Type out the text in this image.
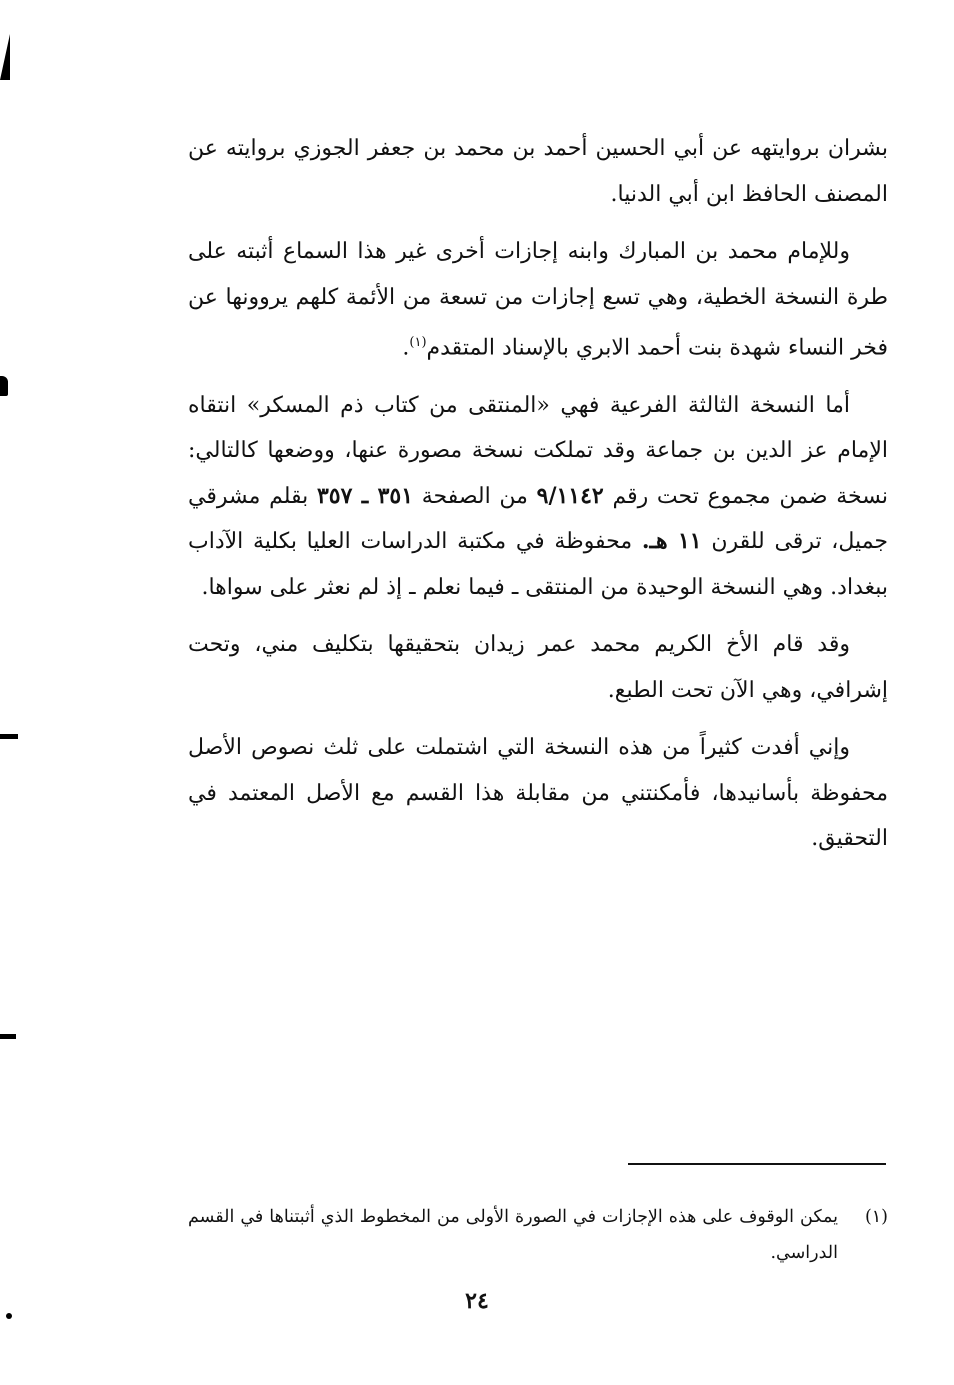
بشران بروايتهه عن أبي الحسين أحمد بن محمد بن جعفر الجوزي بروايته عن المصنف الحافظ ابن أبي الدنيا.

وللإمام محمد بن المبارك وابنه إجازات أخرى غير هذا السماع أثبته على طرة النسخة الخطية، وهي تسع إجازات من تسعة من الأئمة كلهم يروونها عن فخر النساء شهدة بنت أحمد الابري بالإسناد المتقدم$^{(١)}$.

أما النسخة الثالثة الفرعية فهي «المنتقى من كتاب ذم المسكر» انتقاه الإمام عز الدين بن جماعة وقد تملكت نسخة مصورة عنها، ووضعها كالتالي: نسخة ضمن مجموع تحت رقم ٩/١١٤٢ من الصفحة ٣٥١ ـ ٣٥٧ بقلم مشرقي جميل، ترقى للقرن ١١ هـ. محفوظة في مكتبة الدراسات العليا بكلية الآداب ببغداد. وهي النسخة الوحيدة من المنتقى ـ فيما نعلم ـ إذ لم نعثر على سواها.

وقد قام الأخ الكريم محمد عمر زيدان بتحقيقها بتكليف مني، وتحت إشرافي، وهي الآن تحت الطبع.

وإني أفدت كثيراً من هذه النسخة التي اشتملت على ثلث نصوص الأصل محفوظة بأسانيدها، فأمكنتني من مقابلة هذا القسم مع الأصل المعتمد في التحقيق.

(١)
يمكن الوقوف على هذه الإجازات في الصورة الأولى من المخطوط الذي أثبتناها في القسم الدراسي.
٢٤
